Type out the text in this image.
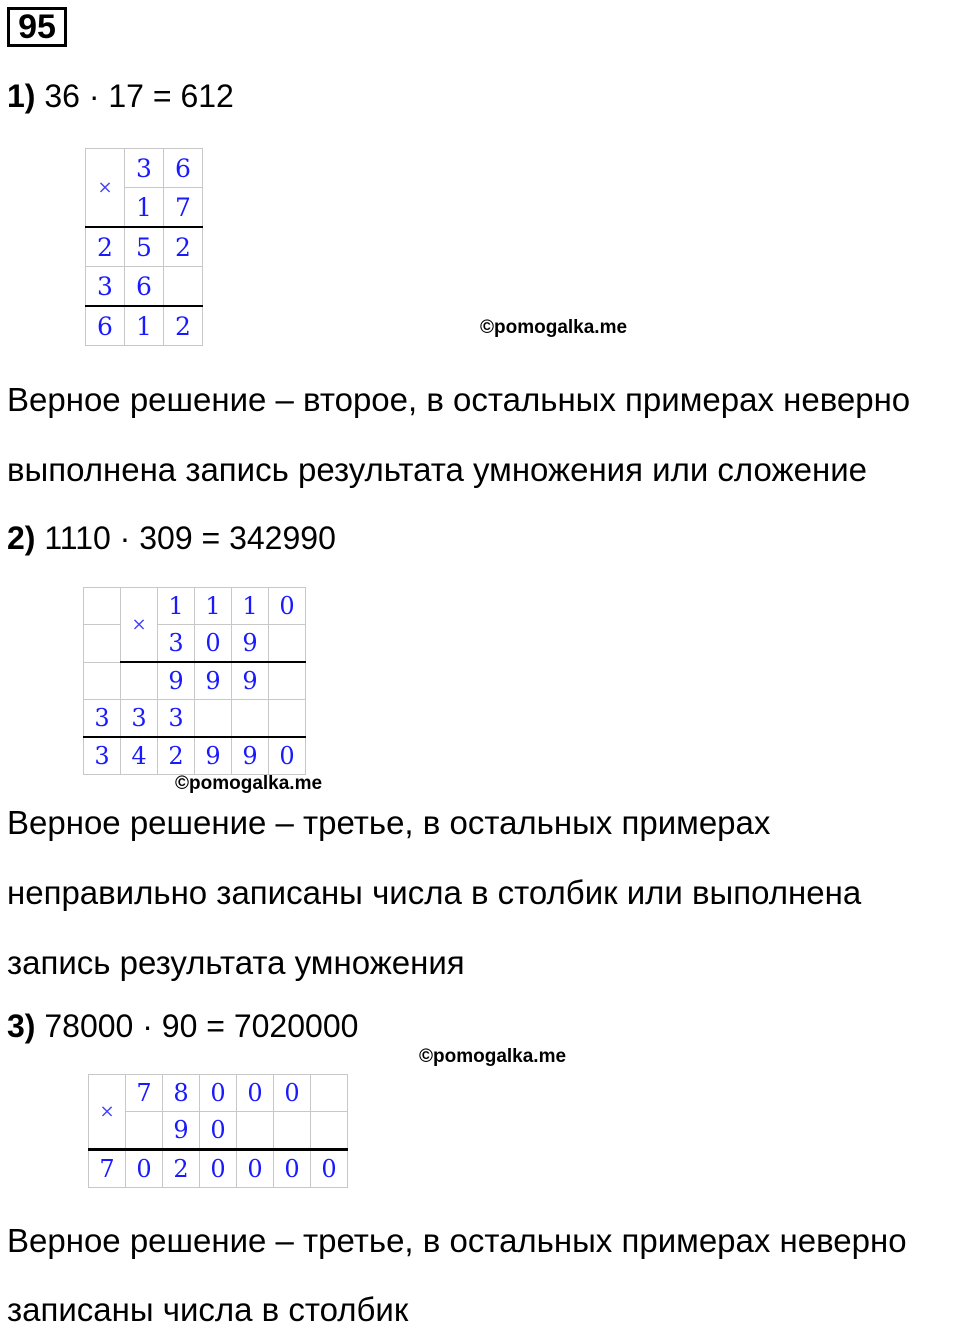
95
1) 36 · 17 = 612
×	3	6
	1	7
2	5	2
3	6	
6	1	2	©pomogalka.me
Верное решение – второе, в остальных примерах неверно
выполнена запись результата умножения или сложение
2) 1110 · 309 = 342990
	×	1	1	1	0
		3	0	9	
		9	9	9	
3	3	3			
3	4	2	9	9	0
©pomogalka.me
Верное решение – третье, в остальных примерах
неправильно записаны числа в столбик или выполнена
запись результата умножения
3) 78000 · 90 = 7020000
©pomogalka.me
×	7	8	0	0	0	
		9	0			
7	0	2	0	0	0	0
Верное решение – третье, в остальных примерах неверно
записаны числа в столбик
